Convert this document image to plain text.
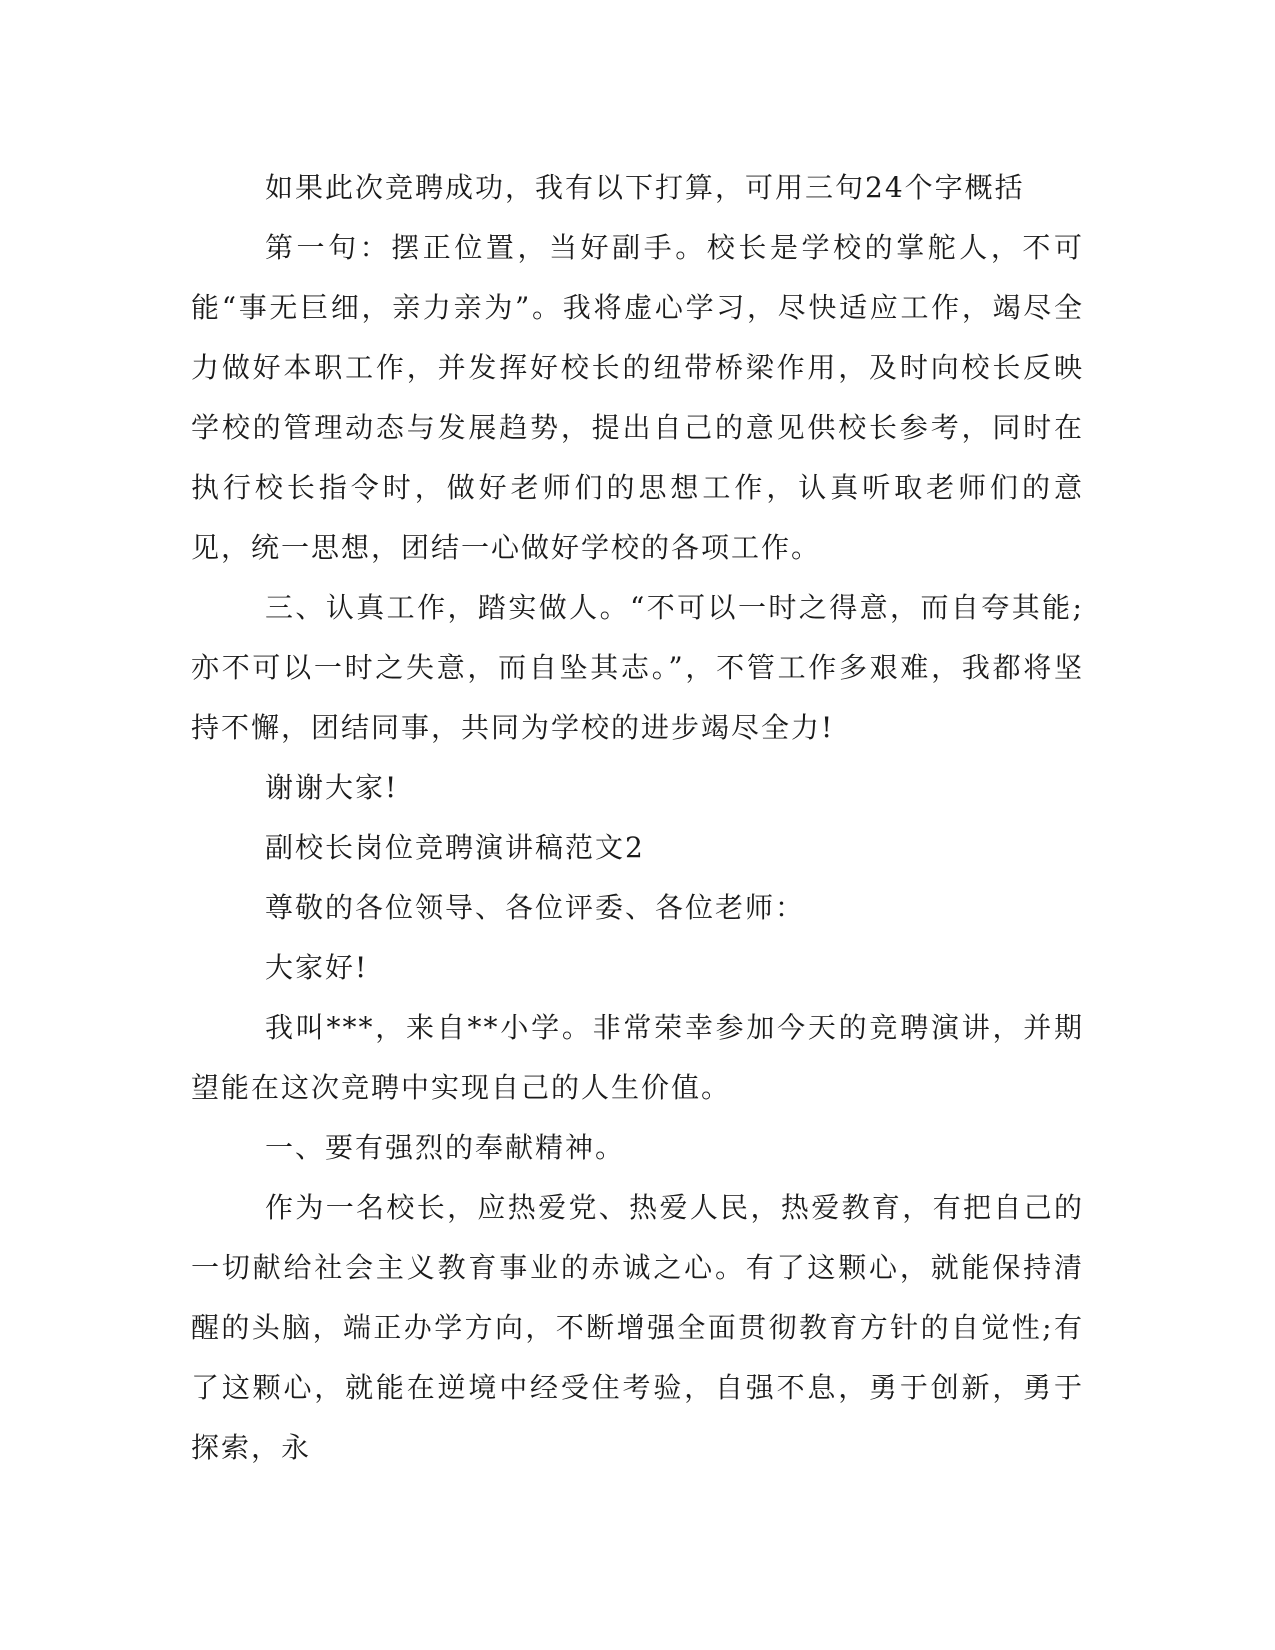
如果此次竞聘成功，我有以下打算，可用三句24个字概括

第一句：摆正位置，当好副手。校长是学校的掌舵人，不可能“事无巨细，亲力亲为”。我将虚心学习，尽快适应工作，竭尽全力做好本职工作，并发挥好校长的纽带桥梁作用，及时向校长反映学校的管理动态与发展趋势，提出自己的意见供校长参考，同时在执行校长指令时，做好老师们的思想工作，认真听取老师们的意见，统一思想，团结一心做好学校的各项工作。

三、认真工作，踏实做人。“不可以一时之得意，而自夸其能;亦不可以一时之失意，而自坠其志。”，不管工作多艰难，我都将坚持不懈，团结同事，共同为学校的进步竭尽全力!

谢谢大家!

副校长岗位竞聘演讲稿范文2

尊敬的各位领导、各位评委、各位老师：

大家好!

我叫***，来自**小学。非常荣幸参加今天的竞聘演讲，并期望能在这次竞聘中实现自己的人生价值。

一、要有强烈的奉献精神。

作为一名校长，应热爱党、热爱人民，热爱教育，有把自己的一切献给社会主义教育事业的赤诚之心。有了这颗心，就能保持清醒的头脑，端正办学方向，不断增强全面贯彻教育方针的自觉性;有了这颗心，就能在逆境中经受住考验，自强不息，勇于创新，勇于探索，永
